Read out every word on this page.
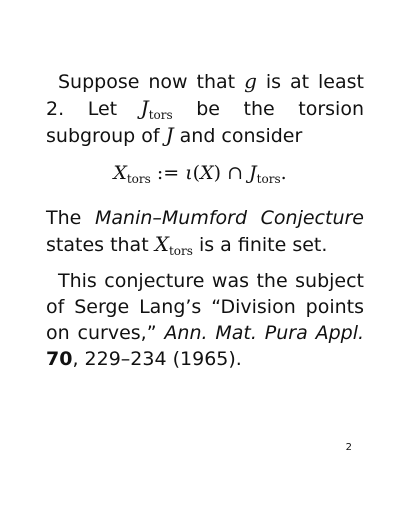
Suppose now that g is at least 2. Let $J_{tors}$ be the torsion subgroup of J and consider
$X_{tors}$ := ι(X) ∩ $J_{tors}$.
The Manin–Mumford Conjecture states that $X_{tors}$ is a finite set.
This conjecture was the subject of Serge Lang’s “Division points on curves,” Ann. Mat. Pura Appl. 70, 229–234 (1965).
2
